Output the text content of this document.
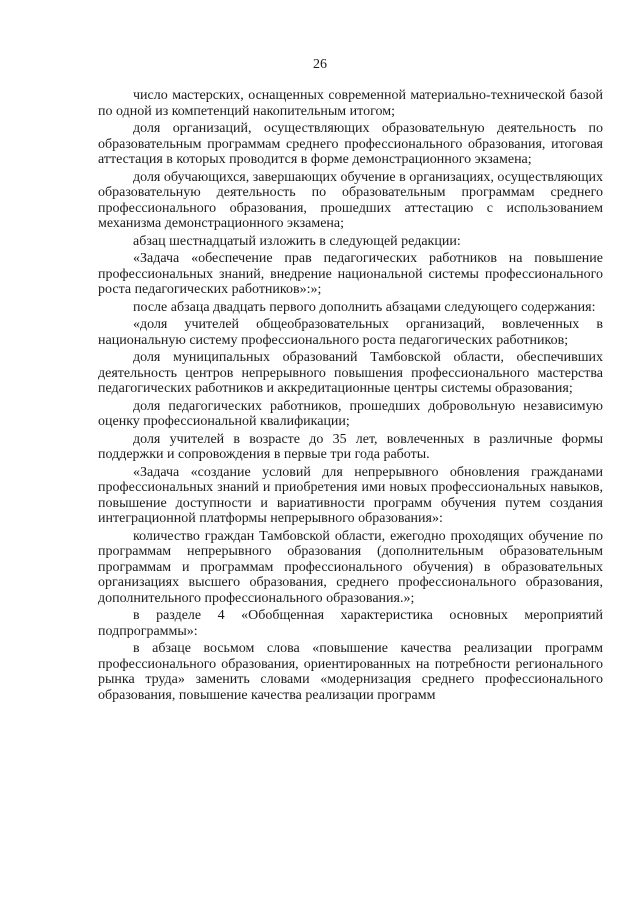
26

число мастерских, оснащенных современной материально-технической базой по одной из компетенций накопительным итогом;

доля организаций, осуществляющих образовательную деятельность по образовательным программам среднего профессионального образования, итоговая аттестация в которых проводится в форме демонстрационного экзамена;

доля обучающихся, завершающих обучение в организациях, осуществляющих образовательную деятельность по образовательным программам среднего профессионального образования, прошедших аттестацию с использованием механизма демонстрационного экзамена;

абзац шестнадцатый изложить в следующей редакции:

«Задача «обеспечение прав педагогических работников на повышение профессиональных знаний, внедрение национальной системы профессионального роста педагогических работников»:»;

после абзаца двадцать первого дополнить абзацами следующего содержания:

«доля учителей общеобразовательных организаций, вовлеченных в национальную систему профессионального роста педагогических работников;

доля муниципальных образований Тамбовской области, обеспечивших деятельность центров непрерывного повышения профессионального мастерства педагогических работников и аккредитационные центры системы образования;

доля педагогических работников, прошедших добровольную независимую оценку профессиональной квалификации;

доля учителей в возрасте до 35 лет, вовлеченных в различные формы поддержки и сопровождения в первые три года работы.

«Задача «создание условий для непрерывного обновления гражданами профессиональных знаний и приобретения ими новых профессиональных навыков, повышение доступности и вариативности программ обучения путем создания интеграционной платформы непрерывного образования»:

количество граждан Тамбовской области, ежегодно проходящих обучение по программам непрерывного образования (дополнительным образовательным программам и программам профессионального обучения) в образовательных организациях высшего образования, среднего профессионального образования, дополнительного профессионального образования.»;

в разделе 4 «Обобщенная характеристика основных мероприятий подпрограммы»:

в абзаце восьмом слова «повышение качества реализации программ профессионального образования, ориентированных на потребности регионального рынка труда» заменить словами «модернизация среднего профессионального образования, повышение качества реализации программ
